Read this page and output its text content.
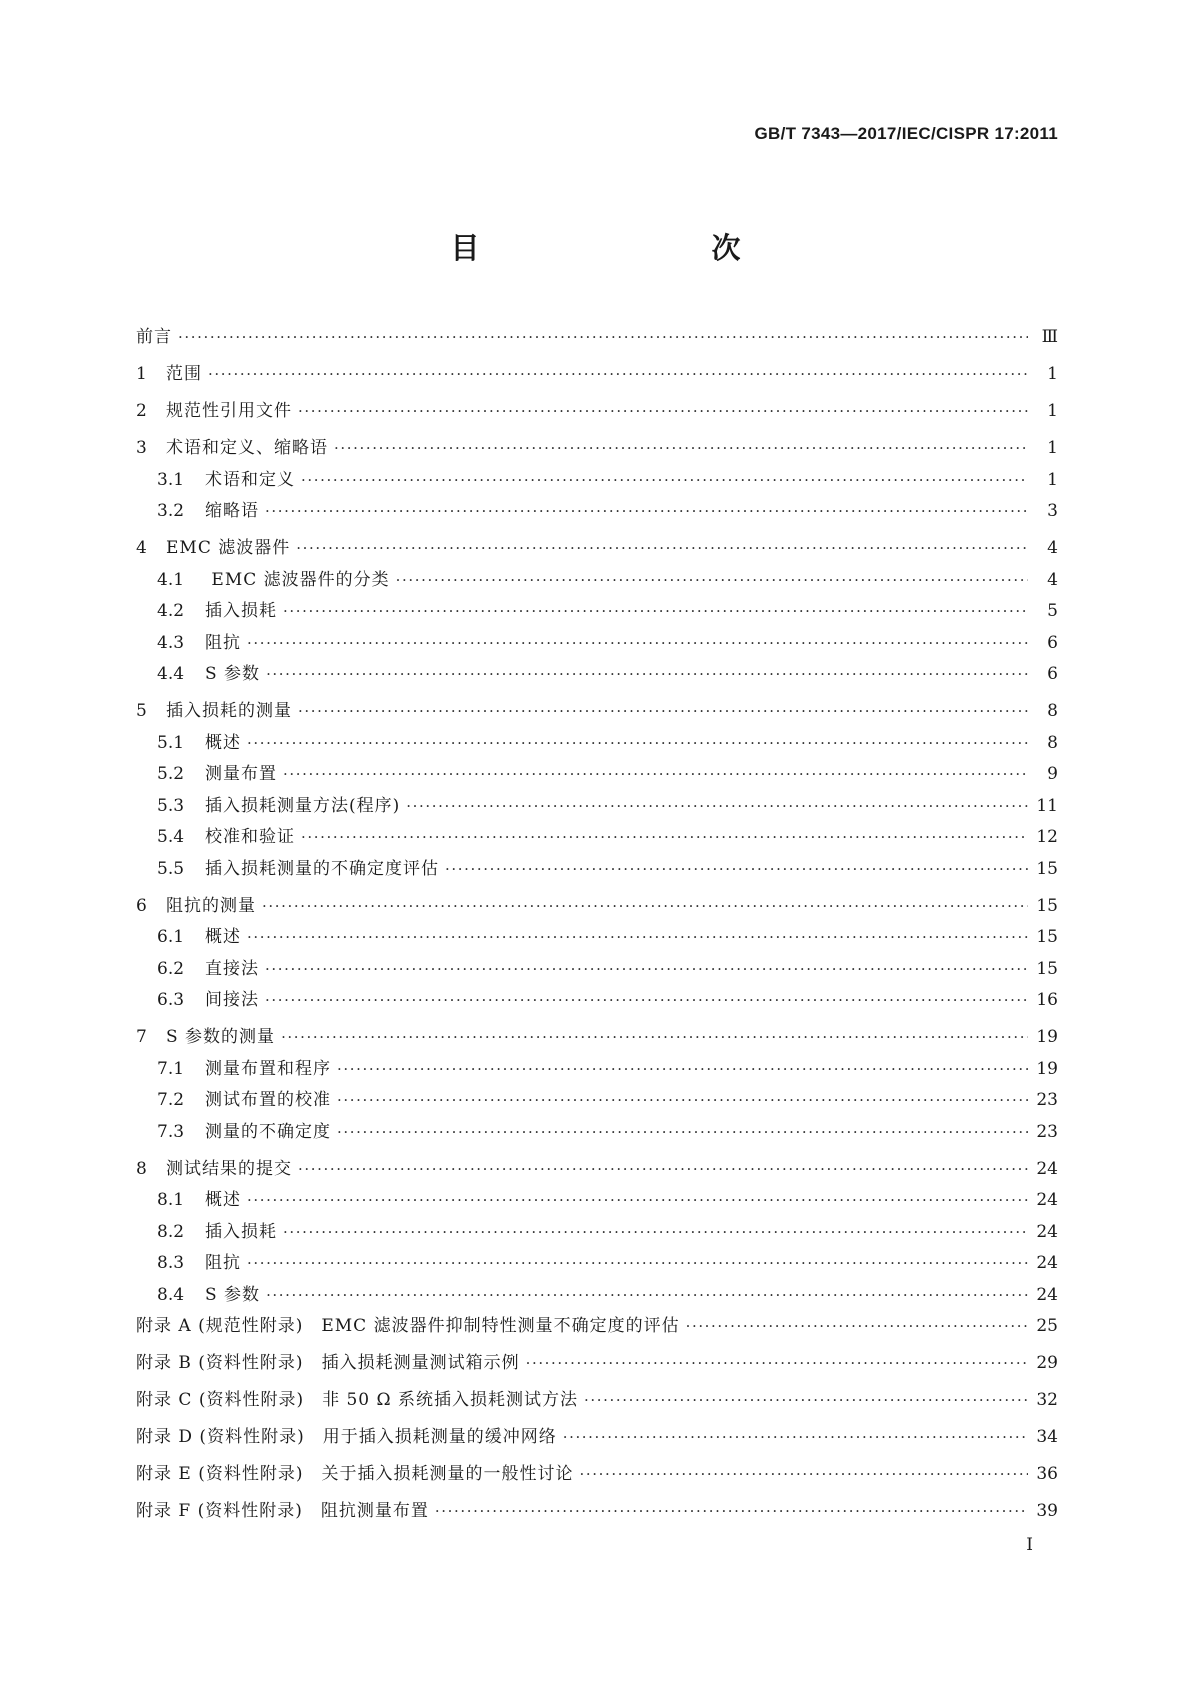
GB/T 7343—2017/IEC/CISPR 17:2011
目　　次
前言 ·····	Ⅲ
1	范围 ·····	1
2	规范性引用文件 ·····	1
3	术语和定义、缩略语 ·····	1
3.1	术语和定义 ·····	1
3.2	缩略语 ·····	3
4	EMC 滤波器件 ·····	4
4.1	EMC 滤波器件的分类 ·····	4
4.2	插入损耗 ·····	5
4.3	阻抗 ·····	6
4.4	S 参数 ·····	6
5	插入损耗的测量 ·····	8
5.1	概述 ·····	8
5.2	测量布置 ·····	9
5.3	插入损耗测量方法(程序) ·····	11
5.4	校准和验证 ·····	12
5.5	插入损耗测量的不确定度评估 ·····	15
6	阻抗的测量 ·····	15
6.1	概述 ·····	15
6.2	直接法 ·····	15
6.3	间接法 ·····	16
7	S 参数的测量 ·····	19
7.1	测量布置和程序 ·····	19
7.2	测试布置的校准 ·····	23
7.3	测量的不确定度 ·····	23
8	测试结果的提交 ·····	24
8.1	概述 ·····	24
8.2	插入损耗 ·····	24
8.3	阻抗 ·····	24
8.4	S 参数 ·····	24
附录 A (规范性附录)　EMC 滤波器件抑制特性测量不确定度的评估 ·····	25
附录 B (资料性附录)　插入损耗测量测试箱示例 ·····	29
附录 C (资料性附录)　非 50 Ω 系统插入损耗测试方法 ·····	32
附录 D (资料性附录)　用于插入损耗测量的缓冲网络 ·····	34
附录 E (资料性附录)　关于插入损耗测量的一般性讨论 ·····	36
附录 F (资料性附录)　阻抗测量布置 ·····	39
I
